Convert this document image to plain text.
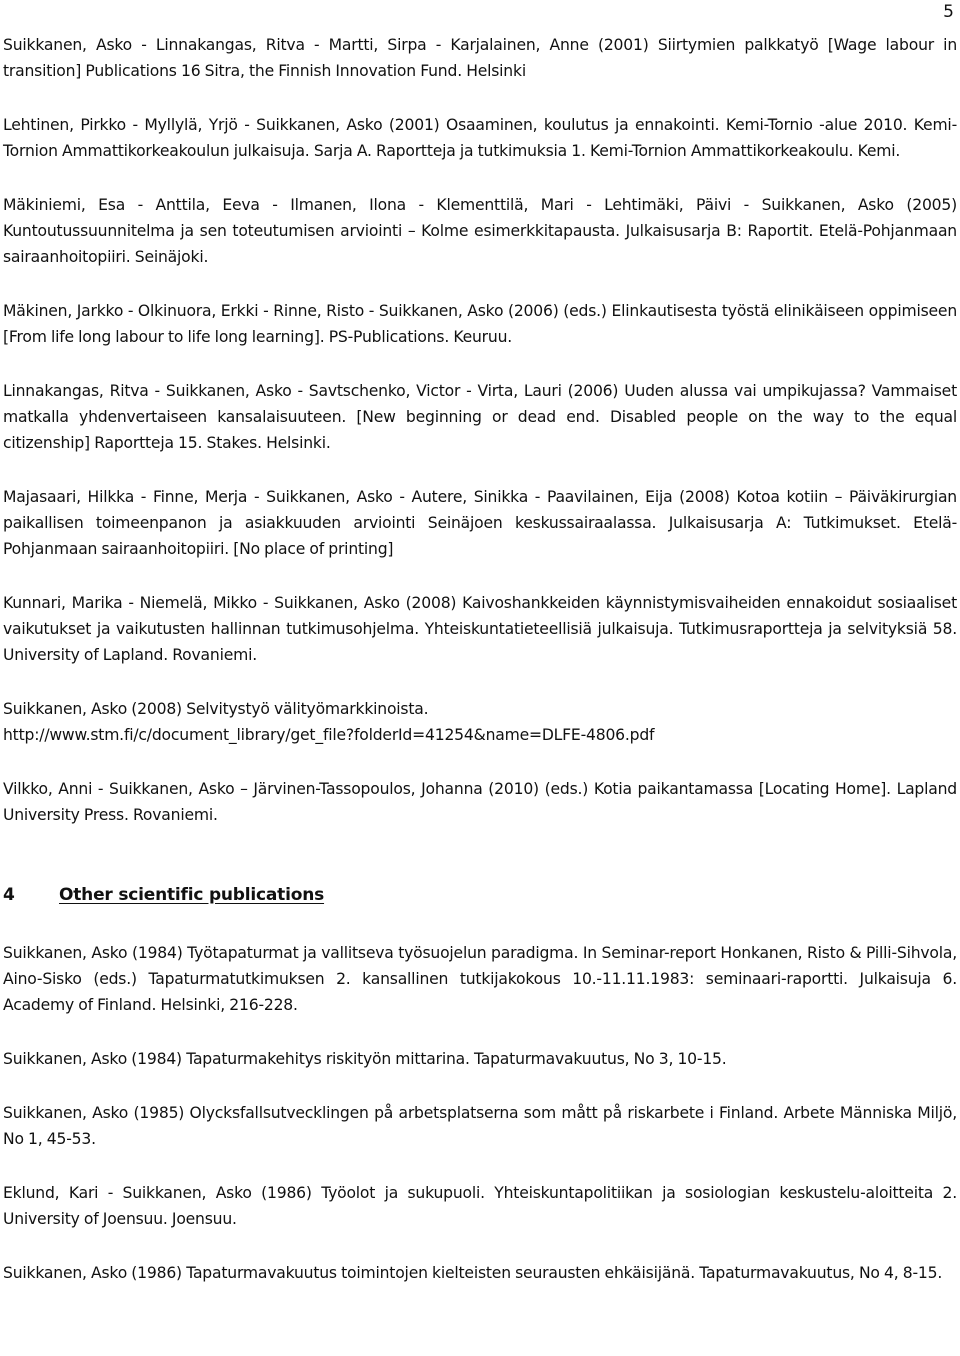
5

Suikkanen, Asko - Linnakangas, Ritva - Martti, Sirpa - Karjalainen, Anne (2001) Siirtymien palkkatyö [Wage labour in transition] Publications 16 Sitra, the Finnish Innovation Fund. Helsinki

Lehtinen, Pirkko - Myllylä, Yrjö - Suikkanen, Asko (2001) Osaaminen, koulutus ja ennakointi. Kemi-Tornio -alue 2010. Kemi-Tornion Ammattikorkeakoulun julkaisuja. Sarja A. Raportteja ja tutkimuksia 1. Kemi-Tornion Ammattikorkeakoulu. Kemi.

Mäkiniemi, Esa - Anttila, Eeva - Ilmanen, Ilona - Klementtilä, Mari - Lehtimäki, Päivi - Suikkanen, Asko (2005) Kuntoutussuunnitelma ja sen toteutumisen arviointi – Kolme esimerkkitapausta. Julkaisusarja B: Raportit. Etelä-Pohjanmaan sairaanhoitopiiri. Seinäjoki.

Mäkinen, Jarkko - Olkinuora, Erkki - Rinne, Risto - Suikkanen, Asko (2006) (eds.) Elinkautisesta työstä elinikäiseen oppimiseen [From life long labour to life long learning]. PS-Publications. Keuruu.

Linnakangas, Ritva - Suikkanen, Asko - Savtschenko, Victor - Virta, Lauri (2006) Uuden alussa vai umpikujassa? Vammaiset matkalla yhdenvertaiseen kansalaisuuteen. [New beginning or dead end. Disabled people on the way to the equal citizenship] Raportteja 15. Stakes. Helsinki.

Majasaari, Hilkka - Finne, Merja - Suikkanen, Asko - Autere, Sinikka - Paavilainen, Eija (2008) Kotoa kotiin – Päiväkirurgian paikallisen toimeenpanon ja asiakkuuden arviointi Seinäjoen keskussairaalassa. Julkaisusarja A: Tutkimukset. Etelä-Pohjanmaan sairaanhoitopiiri. [No place of printing]

Kunnari, Marika - Niemelä, Mikko - Suikkanen, Asko (2008) Kaivoshankkeiden käynnistymisvaiheiden ennakoidut sosiaaliset vaikutukset ja vaikutusten hallinnan tutkimusohjelma. Yhteiskuntatieteellisiä julkaisuja. Tutkimusraportteja ja selvityksiä 58. University of Lapland. Rovaniemi.

Suikkanen, Asko (2008) Selvitystyö välityömarkkinoista.

http://www.stm.fi/c/document_library/get_file?folderId=41254&name=DLFE-4806.pdf

Vilkko, Anni - Suikkanen, Asko – Järvinen-Tassopoulos, Johanna (2010) (eds.) Kotia paikantamassa [Locating Home]. Lapland University Press. Rovaniemi.

4	Other scientific publications

Suikkanen, Asko (1984) Työtapaturmat ja vallitseva työsuojelun paradigma. In Seminar-report Honkanen, Risto & Pilli-Sihvola, Aino-Sisko (eds.) Tapaturmatutkimuksen 2. kansallinen tutkijakokous 10.-11.11.1983: seminaari-raportti. Julkaisuja 6. Academy of Finland. Helsinki, 216-228.

Suikkanen, Asko (1984) Tapaturmakehitys riskityön mittarina. Tapaturmavakuutus, No 3, 10-15.

Suikkanen, Asko (1985) Olycksfallsutvecklingen på arbetsplatserna som mått på riskarbete i Finland. Arbete Människa Miljö, No 1, 45-53.

Eklund, Kari - Suikkanen, Asko (1986) Työolot ja sukupuoli. Yhteiskuntapolitiikan ja sosiologian keskustelu-aloitteita 2. University of Joensuu. Joensuu.

Suikkanen, Asko (1986) Tapaturmavakuutus toimintojen kielteisten seurausten ehkäisijänä. Tapaturmavakuutus, No 4, 8-15.
